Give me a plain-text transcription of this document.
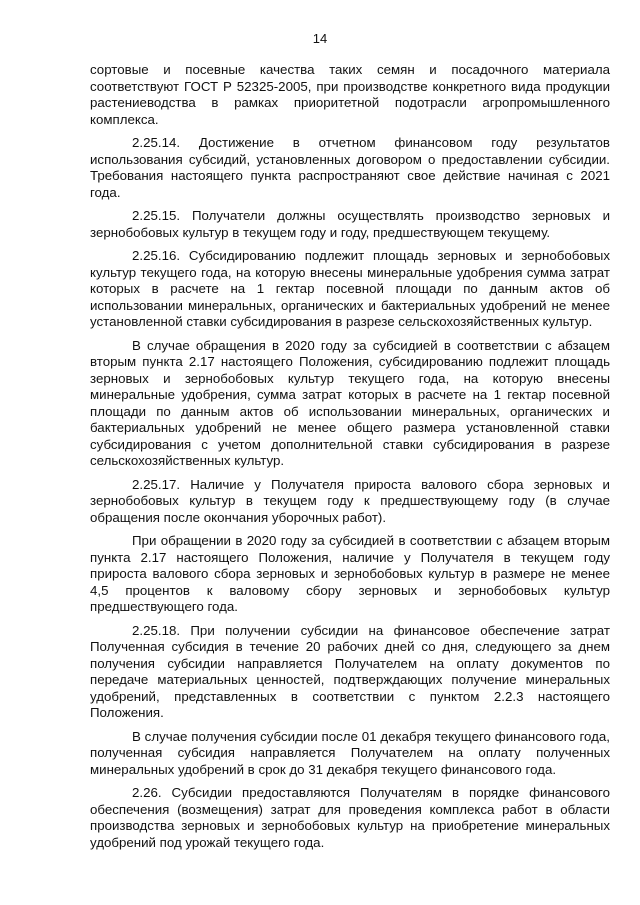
14

сортовые и посевные качества таких семян и посадочного материала соответствуют ГОСТ Р 52325-2005, при производстве конкретного вида продукции растениеводства в рамках приоритетной подотрасли агропромышленного комплекса.

2.25.14. Достижение в отчетном финансовом году результатов использования субсидий, установленных договором о предоставлении субсидии. Требования настоящего пункта распространяют свое действие начиная с 2021 года.

2.25.15. Получатели должны осуществлять производство зерновых и зернобобовых культур в текущем году и году, предшествующем текущему.

2.25.16. Субсидированию подлежит площадь зерновых и зернобобовых культур текущего года, на которую внесены минеральные удобрения сумма затрат которых в расчете на 1 гектар посевной площади по данным актов об использовании минеральных, органических и бактериальных удобрений не менее установленной ставки субсидирования в разрезе сельскохозяйственных культур.

В случае обращения в 2020 году за субсидией в соответствии с абзацем вторым пункта 2.17 настоящего Положения, субсидированию подлежит площадь зерновых и зернобобовых культур текущего года, на которую внесены минеральные удобрения, сумма затрат которых в расчете на 1 гектар посевной площади по данным актов об использовании минеральных, органических и бактериальных удобрений не менее общего размера установленной ставки субсидирования с учетом дополнительной ставки субсидирования в разрезе сельскохозяйственных культур.

2.25.17. Наличие у Получателя прироста валового сбора зерновых и зернобобовых культур в текущем году к предшествующему году (в случае обращения после окончания уборочных работ).

При обращении в 2020 году за субсидией в соответствии с абзацем вторым пункта 2.17 настоящего Положения, наличие у Получателя в текущем году прироста валового сбора зерновых и зернобобовых культур в размере не менее 4,5 процентов к валовому сбору зерновых и зернобобовых культур предшествующего года.

2.25.18. При получении субсидии на финансовое обеспечение затрат Полученная субсидия в течение 20 рабочих дней со дня, следующего за днем получения субсидии направляется Получателем на оплату документов по передаче материальных ценностей, подтверждающих получение минеральных удобрений, представленных в соответствии с пунктом 2.2.3 настоящего Положения.

В случае получения субсидии после 01 декабря текущего финансового года, полученная субсидия направляется Получателем на оплату полученных минеральных удобрений в срок до 31 декабря текущего финансового года.

2.26. Субсидии предоставляются Получателям в порядке финансового обеспечения (возмещения) затрат для проведения комплекса работ в области производства зерновых и зернобобовых культур на приобретение минеральных удобрений под урожай текущего года.
